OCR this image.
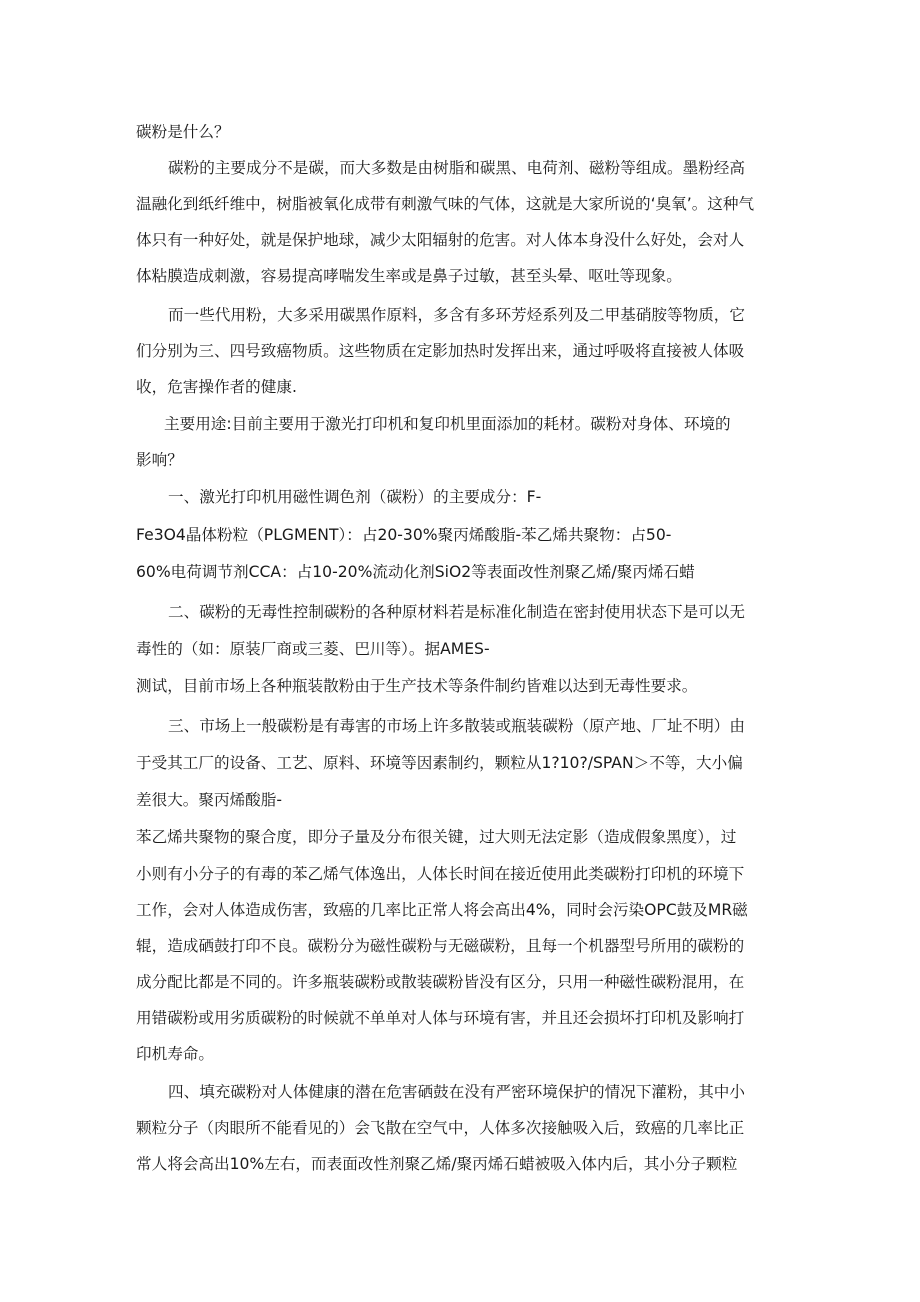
碳粉是什么？
碳粉的主要成分不是碳，而大多数是由树脂和碳黑、电荷剂、磁粉等组成。墨粉经高
温融化到纸纤维中，树脂被氧化成带有刺激气味的气体，这就是大家所说的‘臭氧’。这种气
体只有一种好处，就是保护地球，减少太阳辐射的危害。对人体本身没什么好处，会对人
体粘膜造成刺激，容易提高哮喘发生率或是鼻子过敏，甚至头晕、呕吐等现象。
而一些代用粉，大多采用碳黑作原料，多含有多环芳烃系列及二甲基硝胺等物质，它
们分别为三、四号致癌物质。这些物质在定影加热时发挥出来，通过呼吸将直接被人体吸
收，危害操作者的健康.
主要用途:目前主要用于激光打印机和复印机里面添加的耗材。碳粉对身体、环境的
影响？
一、激光打印机用磁性调色剂（碳粉）的主要成分：F-
Fe3O4晶体粉粒（PLGMENT）：占20-30%聚丙烯酸脂-苯乙烯共聚物：占50-
60%电荷调节剂CCA：占10-20%流动化剂SiO2等表面改性剂聚乙烯/聚丙烯石蜡
二、碳粉的无毒性控制碳粉的各种原材料若是标准化制造在密封使用状态下是可以无
毒性的（如：原装厂商或三菱、巴川等）。据AMES-
测试，目前市场上各种瓶装散粉由于生产技术等条件制约皆难以达到无毒性要求。
三、市场上一般碳粉是有毒害的市场上许多散装或瓶装碳粉（原产地、厂址不明）由
于受其工厂的设备、工艺、原料、环境等因素制约，颗粒从1?10?/SPAN＞不等，大小偏
差很大。聚丙烯酸脂-
苯乙烯共聚物的聚合度，即分子量及分布很关键，过大则无法定影（造成假象黑度），过
小则有小分子的有毒的苯乙烯气体逸出，人体长时间在接近使用此类碳粉打印机的环境下
工作，会对人体造成伤害，致癌的几率比正常人将会高出4%，同时会污染OPC鼓及MR磁
辊，造成硒鼓打印不良。碳粉分为磁性碳粉与无磁碳粉，且每一个机器型号所用的碳粉的
成分配比都是不同的。许多瓶装碳粉或散装碳粉皆没有区分，只用一种磁性碳粉混用，在
用错碳粉或用劣质碳粉的时候就不单单对人体与环境有害，并且还会损坏打印机及影响打
印机寿命。
四、填充碳粉对人体健康的潜在危害硒鼓在没有严密环境保护的情况下灌粉，其中小
颗粒分子（肉眼所不能看见的）会飞散在空气中，人体多次接触吸入后，致癌的几率比正
常人将会高出10%左右，而表面改性剂聚乙烯/聚丙烯石蜡被吸入体内后，其小分子颗粒
